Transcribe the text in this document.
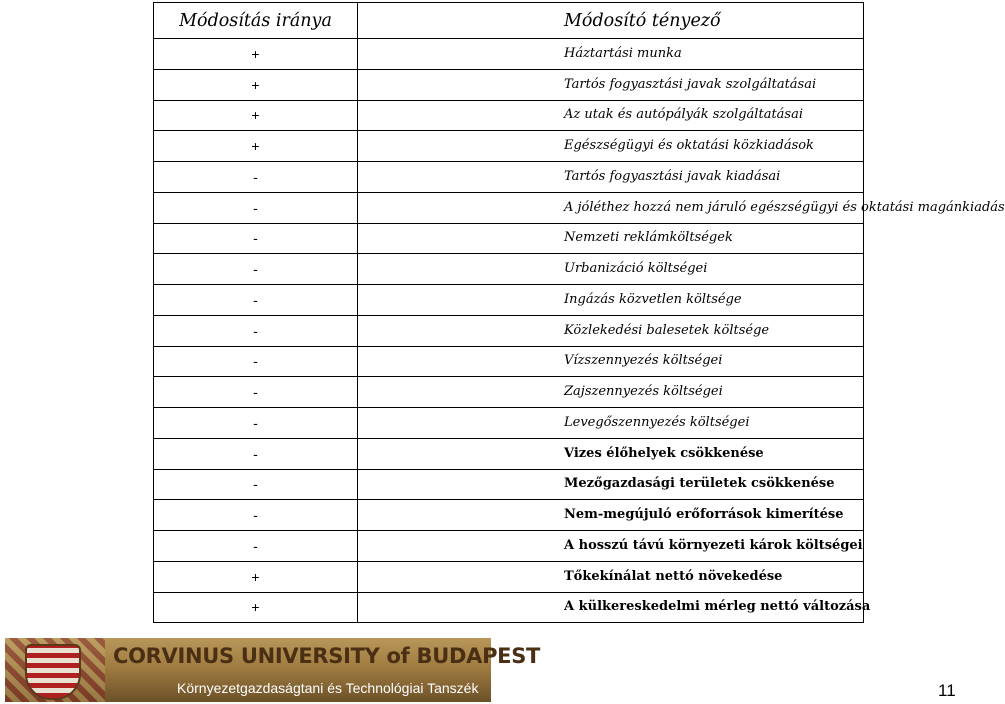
Módosítás iránya	Módosító tényező
+	Háztartási munka
+	Tartós fogyasztási javak szolgáltatásai
+	Az utak és autópályák szolgáltatásai
+	Egészségügyi és oktatási közkiadások
-	Tartós fogyasztási javak kiadásai
-	A jóléthez hozzá nem járuló egészségügyi és oktatási magánkiadás
-	Nemzeti reklámköltségek
-	Urbanizáció költségei
-	Ingázás közvetlen költsége
-	Közlekedési balesetek költsége
-	Vízszennyezés költségei
-	Zajszennyezés költségei
-	Levegőszennyezés költségei
-	Vizes élőhelyek csökkenése
-	Mezőgazdasági területek csökkenése
-	Nem-megújuló erőforrások kimerítése
-	A hosszú távú környezeti károk költségei
+	Tőkekínálat nettó növekedése
+	A külkereskedelmi mérleg nettó változása
CORVINUS UNIVERSITY of BUDAPEST
Környezetgazdaságtani és Technológiai Tanszék	11
